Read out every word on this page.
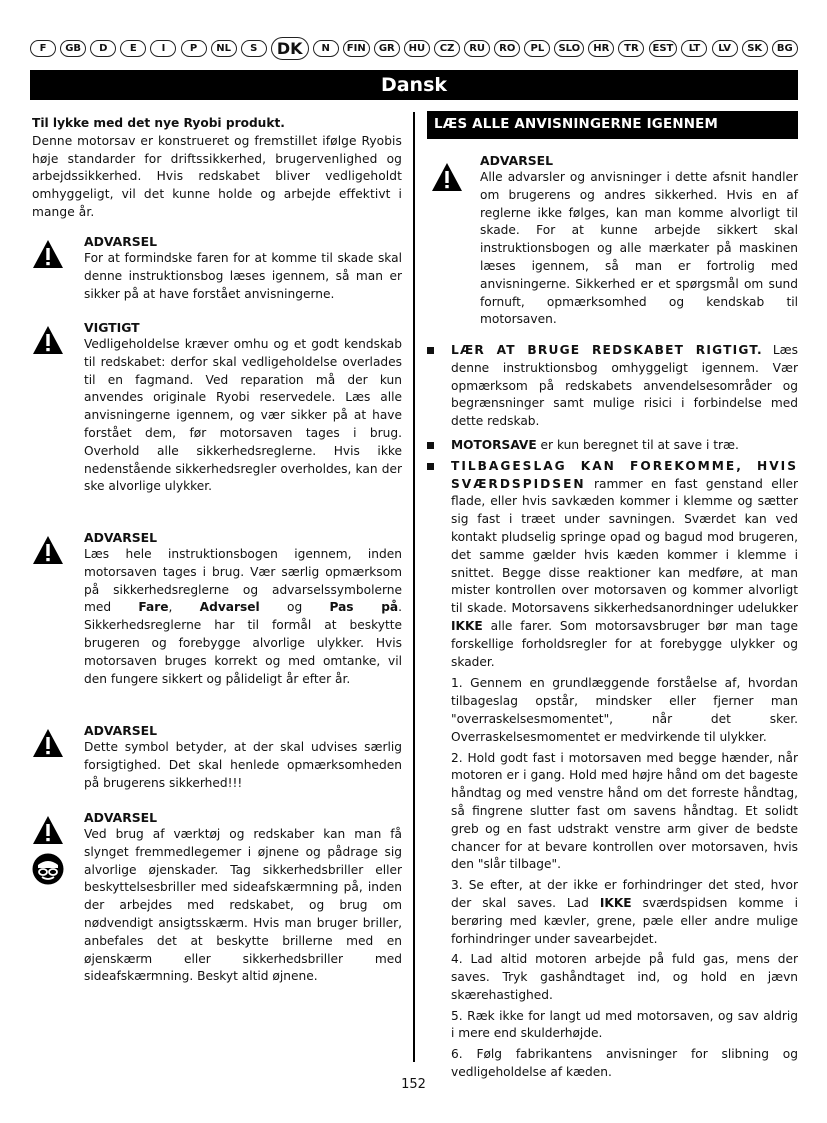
F	GB	D	E	I	P	NL	S	DK	N	FIN	GR	HU	CZ	RU	RO	PL	SLO	HR	TR	EST	LT	LV	SK	BG
Dansk

Til lykke med det nye Ryobi produkt.

Denne motorsav er konstrueret og fremstillet ifølge Ryobis høje standarder for driftssikkerhed, brugervenlighed og arbejdssikkerhed. Hvis redskabet bliver vedligeholdt omhyggeligt, vil det kunne holde og arbejde effektivt i mange år.

ADVARSEL

For at formindske faren for at komme til skade skal denne instruktionsbog læses igennem, så man er sikker på at have forstået anvisningerne.

VIGTIGT

Vedligeholdelse kræver omhu og et godt kendskab til redskabet: derfor skal vedligeholdelse overlades til en fagmand. Ved reparation må der kun anvendes originale Ryobi reservedele. Læs alle anvisningerne igennem, og vær sikker på at have forstået dem, før motorsaven tages i brug. Overhold alle sikkerhedsreglerne. Hvis ikke nedenstående sikkerhedsregler overholdes, kan der ske alvorlige ulykker.

ADVARSEL

Læs hele instruktionsbogen igennem, inden motorsaven tages i brug. Vær særlig opmærksom på sikkerhedsreglerne og advarselssymbolerne med Fare, Advarsel og Pas på. Sikkerhedsreglerne har til formål at beskytte brugeren og forebygge alvorlige ulykker. Hvis motorsaven bruges korrekt og med omtanke, vil den fungere sikkert og pålideligt år efter år.

ADVARSEL

Dette symbol betyder, at der skal udvises særlig forsigtighed. Det skal henlede opmærksomheden på brugerens sikkerhed!!!

ADVARSEL

Ved brug af værktøj og redskaber kan man få slynget fremmedlegemer i øjnene og pådrage sig alvorlige øjenskader. Tag sikkerhedsbriller eller beskyttelsesbriller med sideafskærmning på, inden der arbejdes med redskabet, og brug om nødvendigt ansigtsskærm. Hvis man bruger briller, anbefales det at beskytte brillerne med en øjenskærm eller sikkerhedsbriller med sideafskærmning. Beskyt altid øjnene.

LÆS ALLE ANVISNINGERNE IGENNEM

ADVARSEL

Alle advarsler og anvisninger i dette afsnit handler om brugerens og andres sikkerhed. Hvis en af reglerne ikke følges, kan man komme alvorligt til skade. For at kunne arbejde sikkert skal instruktionsbogen og alle mærkater på maskinen læses igennem, så man er fortrolig med anvisningerne. Sikkerhed er et spørgsmål om sund fornuft, opmærksomhed og kendskab til motorsaven.

LÆR AT BRUGE REDSKABET RIGTIGT. Læs denne instruktionsbog omhyggeligt igennem. Vær opmærksom på redskabets anvendelsesområder og begrænsninger samt mulige risici i forbindelse med dette redskab.

MOTORSAVE er kun beregnet til at save i træ.

TILBAGESLAG KAN FOREKOMME, HVIS SVÆRDSPIDSEN rammer en fast genstand eller flade, eller hvis savkæden kommer i klemme og sætter sig fast i træet under savningen. Sværdet kan ved kontakt pludselig springe opad og bagud mod brugeren, det samme gælder hvis kæden kommer i klemme i snittet. Begge disse reaktioner kan medføre, at man mister kontrollen over motorsaven og kommer alvorligt til skade. Motorsavens sikkerhedsanordninger udelukker IKKE alle farer. Som motorsavsbruger bør man tage forskellige forholdsregler for at forebygge ulykker og skader.

1. Gennem en grundlæggende forståelse af, hvordan tilbageslag opstår, mindsker eller fjerner man "overraskelsesmomentet", når det sker. Overraskelsesmomentet er medvirkende til ulykker.

2. Hold godt fast i motorsaven med begge hænder, når motoren er i gang. Hold med højre hånd om det bageste håndtag og med venstre hånd om det forreste håndtag, så fingrene slutter fast om savens håndtag. Et solidt greb og en fast udstrakt venstre arm giver de bedste chancer for at bevare kontrollen over motorsaven, hvis den "slår tilbage".

3. Se efter, at der ikke er forhindringer det sted, hvor der skal saves. Lad IKKE sværdspidsen komme i berøring med kævler, grene, pæle eller andre mulige forhindringer under savearbejdet.

4. Lad altid motoren arbejde på fuld gas, mens der saves. Tryk gashåndtaget ind, og hold en jævn skærehastighed.

5. Ræk ikke for langt ud med motorsaven, og sav aldrig i mere end skulderhøjde.

6. Følg fabrikantens anvisninger for slibning og vedligeholdelse af kæden.

152
